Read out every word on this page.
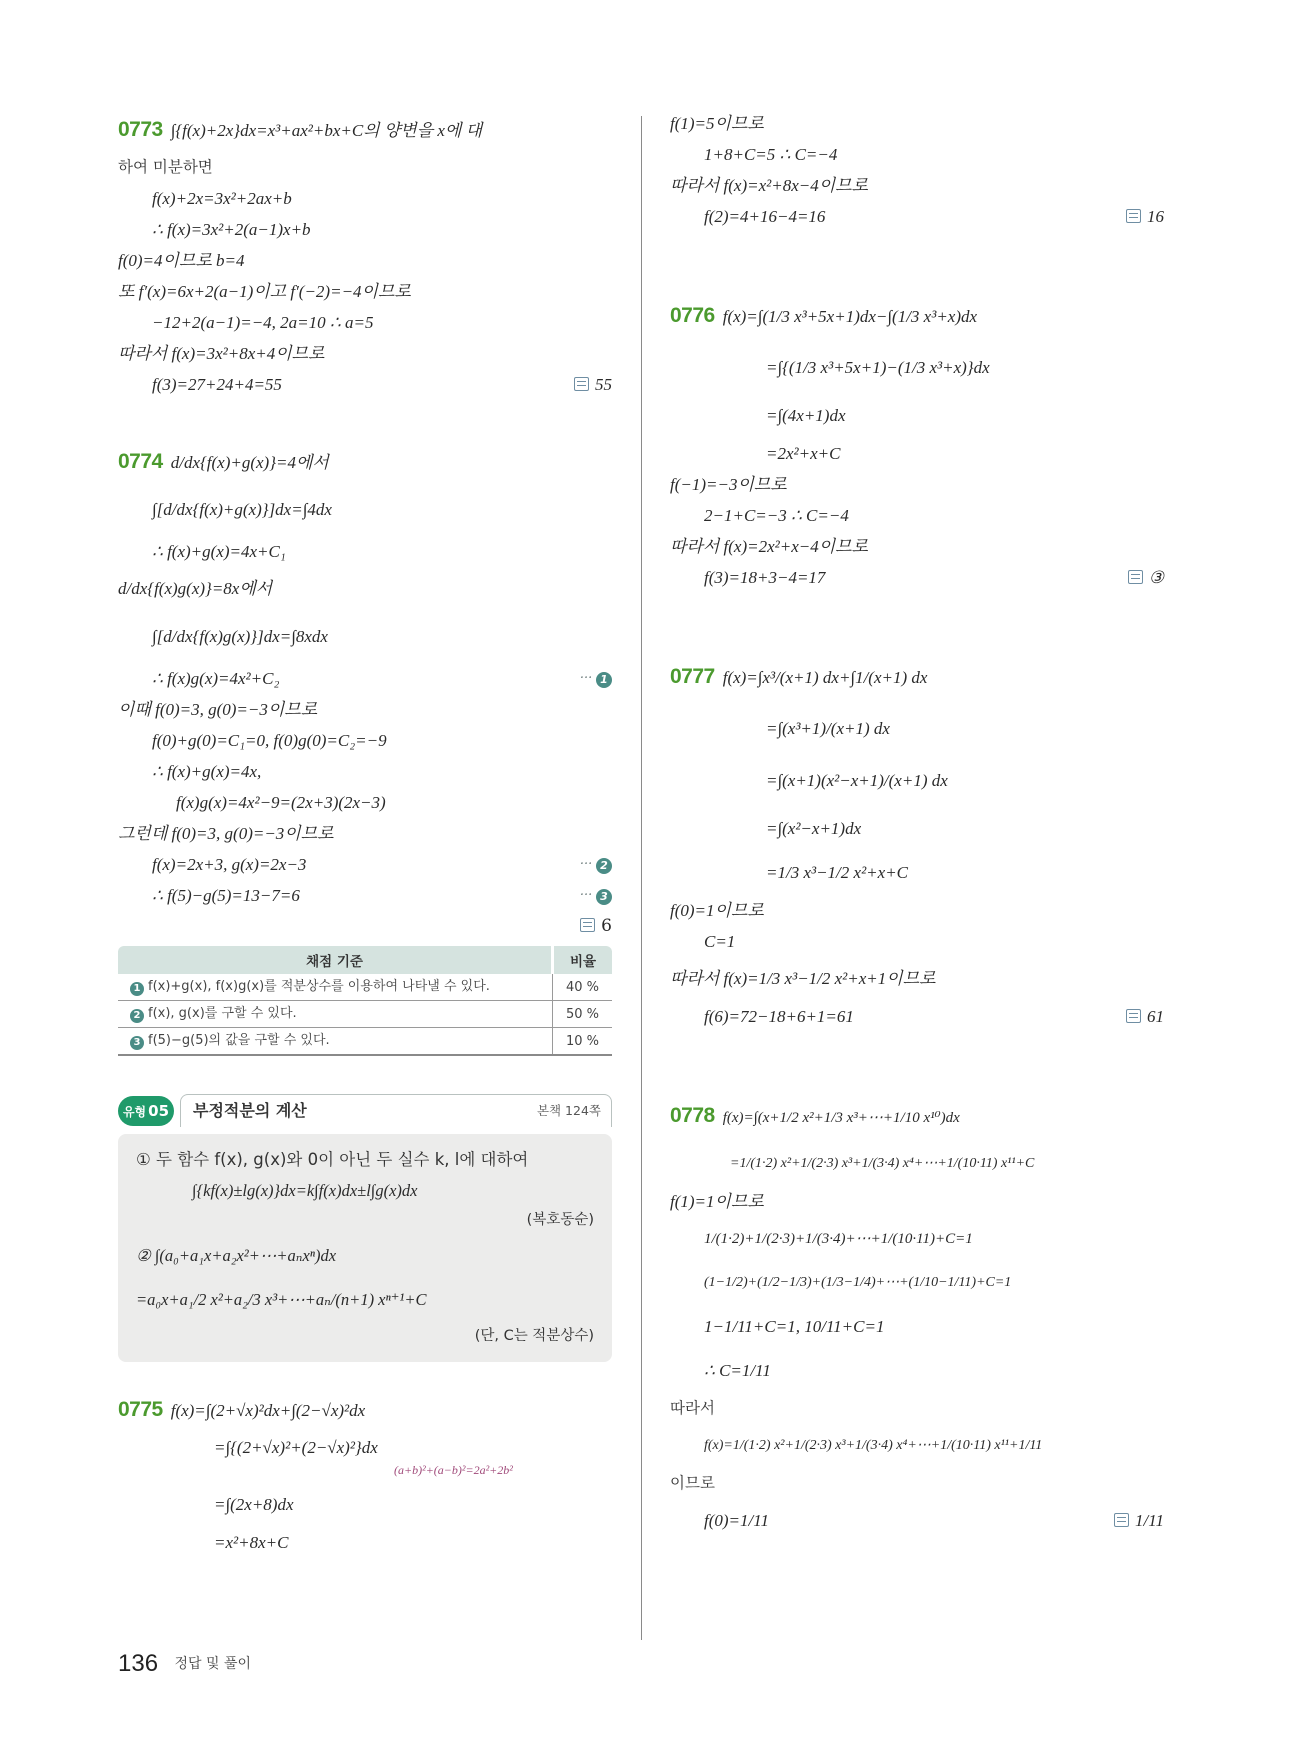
0773 ∫{f(x)+2x}dx=x³+ax²+bx+C의 양변을 x에 대
하여 미분하면
f(x)+2x=3x²+2ax+b
∴ f(x)=3x²+2(a−1)x+b
f(0)=4이므로 b=4
또 f′(x)=6x+2(a−1)이고 f′(−2)=−4이므로
−12+2(a−1)=−4, 2a=10 ∴ a=5
따라서 f(x)=3x²+8x+4이므로
f(3)=27+24+4=55	55
0774 d/dx{f(x)+g(x)}=4에서
∫[d/dx{f(x)+g(x)}]dx=∫4dx
∴ f(x)+g(x)=4x+C₁
d/dx{f(x)g(x)}=8x에서
∫[d/dx{f(x)g(x)}]dx=∫8xdx
∴ f(x)g(x)=4x²+C₂	··· 1
이때 f(0)=3, g(0)=−3이므로
f(0)+g(0)=C₁=0, f(0)g(0)=C₂=−9
∴ f(x)+g(x)=4x,
f(x)g(x)=4x²−9=(2x+3)(2x−3)
그런데 f(0)=3, g(0)=−3이므로
f(x)=2x+3, g(x)=2x−3	··· 2
∴ f(5)−g(5)=13−7=6	··· 3
6
채점 기준	비율
1 f(x)+g(x), f(x)g(x)를 적분상수를 이용하여 나타낼 수 있다.	40 %
2 f(x), g(x)를 구할 수 있다.	50 %
3 f(5)−g(5)의 값을 구할 수 있다.	10 %
유형 05	부정적분의 계산	본책 124쪽
① 두 함수 f(x), g(x)와 0이 아닌 두 실수 k, l에 대하여
∫{kf(x)±lg(x)}dx=k∫f(x)dx±l∫g(x)dx
(복호동순)
② ∫(a₀+a₁x+a₂x²+⋯+aₙxⁿ)dx
=a₀x+a₁/2 x²+a₂/3 x³+⋯+aₙ/(n+1) xⁿ⁺¹+C
(단, C는 적분상수)
0775 f(x)=∫(2+√x)²dx+∫(2−√x)²dx
=∫{(2+√x)²+(2−√x)²}dx
(a+b)²+(a−b)²=2a²+2b²
=∫(2x+8)dx
=x²+8x+C
f(1)=5이므로
1+8+C=5 ∴ C=−4
따라서 f(x)=x²+8x−4이므로
f(2)=4+16−4=16	16
0776 f(x)=∫(1/3 x³+5x+1)dx−∫(1/3 x³+x)dx
=∫{(1/3 x³+5x+1)−(1/3 x³+x)}dx
=∫(4x+1)dx
=2x²+x+C
f(−1)=−3이므로
2−1+C=−3 ∴ C=−4
따라서 f(x)=2x²+x−4이므로
f(3)=18+3−4=17	③
0777 f(x)=∫x³/(x+1) dx+∫1/(x+1) dx
=∫(x³+1)/(x+1) dx
=∫(x+1)(x²−x+1)/(x+1) dx
=∫(x²−x+1)dx
=1/3 x³−1/2 x²+x+C
f(0)=1이므로
C=1
따라서 f(x)=1/3 x³−1/2 x²+x+1이므로
f(6)=72−18+6+1=61	61
0778 f(x)=∫(x+1/2 x²+1/3 x³+⋯+1/10 x¹⁰)dx
=1/(1·2) x²+1/(2·3) x³+1/(3·4) x⁴+⋯+1/(10·11) x¹¹+C
f(1)=1이므로
1/(1·2)+1/(2·3)+1/(3·4)+⋯+1/(10·11)+C=1
(1−1/2)+(1/2−1/3)+(1/3−1/4)+⋯+(1/10−1/11)+C=1
1−1/11+C=1, 10/11+C=1
∴ C=1/11
따라서
f(x)=1/(1·2) x²+1/(2·3) x³+1/(3·4) x⁴+⋯+1/(10·11) x¹¹+1/11
이므로
f(0)=1/11	1/11
136 정답 및 풀이
